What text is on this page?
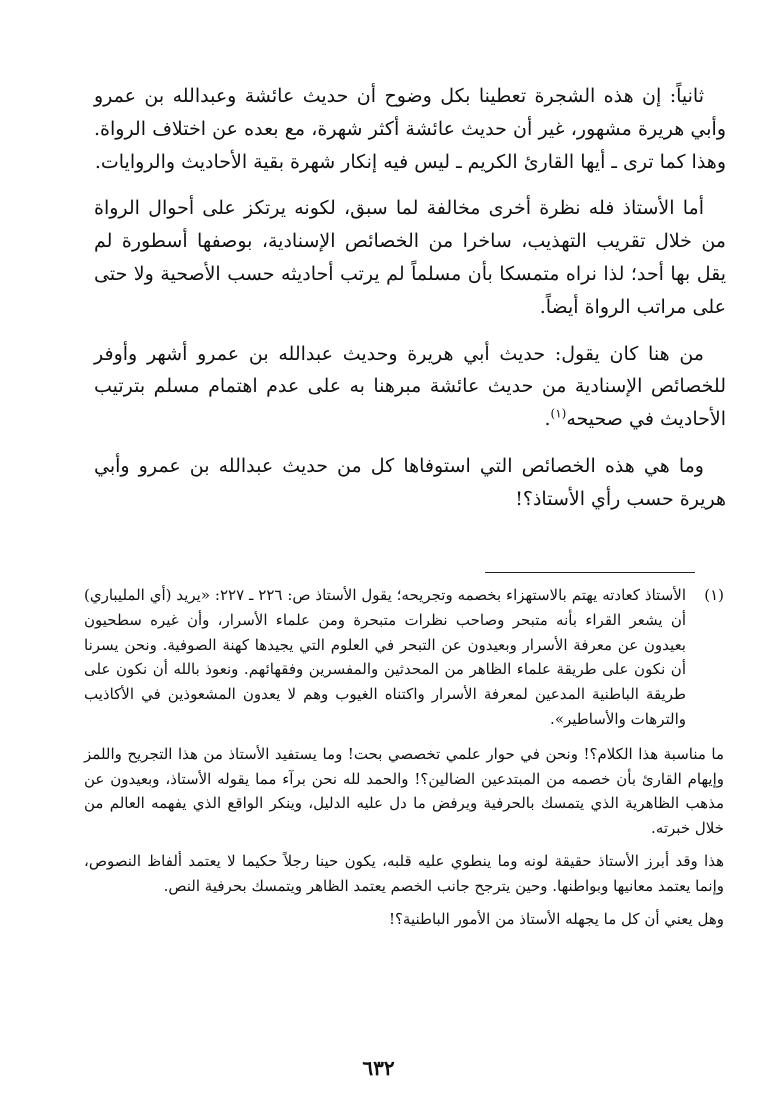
ثانياً: إن هذه الشجرة تعطينا بكل وضوح أن حديث عائشة وعبدالله بن عمرو وأبي هريرة مشهور، غير أن حديث عائشة أكثر شهرة، مع بعده عن اختلاف الرواة. وهذا كما ترى ـ أيها القارئ الكريم ـ ليس فيه إنكار شهرة بقية الأحاديث والروايات.

أما الأستاذ فله نظرة أخرى مخالفة لما سبق، لكونه يرتكز على أحوال الرواة من خلال تقريب التهذيب، ساخرا من الخصائص الإسنادية، بوصفها أسطورة لم يقل بها أحد؛ لذا نراه متمسكا بأن مسلماً لم يرتب أحاديثه حسب الأصحية ولا حتى على مراتب الرواة أيضاً.

من هنا كان يقول: حديث أبي هريرة وحديث عبدالله بن عمرو أشهر وأوفر للخصائص الإسنادية من حديث عائشة مبرهنا به على عدم اهتمام مسلم بترتيب الأحاديث في صحيحه$^{(١)}$.

وما هي هذه الخصائص التي استوفاها كل من حديث عبدالله بن عمرو وأبي هريرة حسب رأي الأستاذ؟!

(١)
الأستاذ كعادته يهتم بالاستهزاء بخصمه وتجريحه؛ يقول الأستاذ ص: ٢٢٦ ـ ٢٢٧: «يريد (أي المليباري) أن يشعر القراء بأنه متبحر وصاحب نظرات متبحرة ومن علماء الأسرار، وأن غيره سطحيون بعيدون عن معرفة الأسرار وبعيدون عن التبحر في العلوم التي يجيدها كهنة الصوفية. ونحن يسرنا أن نكون على طريقة علماء الظاهر من المحدثين والمفسرين وفقهائهم. ونعوذ بالله أن نكون على طريقة الباطنية المدعين لمعرفة الأسرار واكتناه الغيوب وهم لا يعدون المشعوذين في الأكاذيب والترهات والأساطير».

ما مناسبة هذا الكلام؟! ونحن في حوار علمي تخصصي بحت! وما يستفيد الأستاذ من هذا التجريح واللمز وإيهام القارئ بأن خصمه من المبتدعين الضالين؟! والحمد لله نحن برآء مما يقوله الأستاذ، وبعيدون عن مذهب الظاهرية الذي يتمسك بالحرفية ويرفض ما دل عليه الدليل، وينكر الواقع الذي يفهمه العالم من خلال خبرته.

هذا وقد أبرز الأستاذ حقيقة لونه وما ينطوي عليه قلبه، يكون حينا رجلاً حكيما لا يعتمد ألفاظ النصوص، وإنما يعتمد معانيها وبواطنها. وحين يترجح جانب الخصم يعتمد الظاهر ويتمسك بحرفية النص.

وهل يعني أن كل ما يجهله الأستاذ من الأمور الباطنية؟!

٦٣٢
